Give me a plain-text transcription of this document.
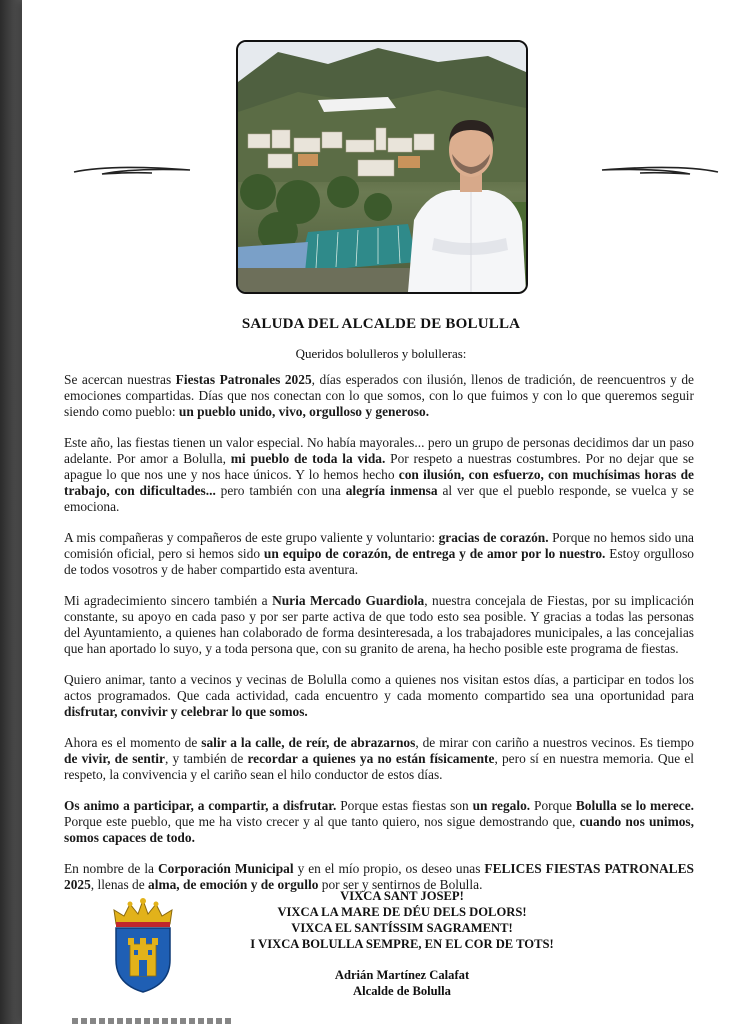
SALUDA DEL ALCALDE DE BOLULLA
Queridos bolulleros y bolulleras:

Se acercan nuestras Fiestas Patronales 2025, días esperados con ilusión, llenos de tradición, de reencuentros y de emociones compartidas. Días que nos conectan con lo que somos, con lo que fuimos y con lo que queremos seguir siendo como pueblo: un pueblo unido, vivo, orgulloso y generoso.

Este año, las fiestas tienen un valor especial. No había mayorales... pero un grupo de personas decidimos dar un paso adelante. Por amor a Bolulla, mi pueblo de toda la vida. Por respeto a nuestras costumbres. Por no dejar que se apague lo que nos une y nos hace únicos. Y lo hemos hecho con ilusión, con esfuerzo, con muchísimas horas de trabajo, con dificultades... pero también con una alegría inmensa al ver que el pueblo responde, se vuelca y se emociona.

A mis compañeras y compañeros de este grupo valiente y voluntario: gracias de corazón. Porque no hemos sido una comisión oficial, pero si hemos sido un equipo de corazón, de entrega y de amor por lo nuestro. Estoy orgulloso de todos vosotros y de haber compartido esta aventura.

Mi agradecimiento sincero también a Nuria Mercado Guardiola, nuestra concejala de Fiestas, por su implicación constante, su apoyo en cada paso y por ser parte activa de que todo esto sea posible. Y gracias a todas las personas del Ayuntamiento, a quienes han colaborado de forma desinteresada, a los trabajadores municipales, a las concejalias que han aportado lo suyo, y a toda persona que, con su granito de arena, ha hecho posible este programa de fiestas.

Quiero animar, tanto a vecinos y vecinas de Bolulla como a quienes nos visitan estos días, a participar en todos los actos programados. Que cada actividad, cada encuentro y cada momento compartido sea una oportunidad para disfrutar, convivir y celebrar lo que somos.

Ahora es el momento de salir a la calle, de reír, de abrazarnos, de mirar con cariño a nuestros vecinos. Es tiempo de vivir, de sentir, y también de recordar a quienes ya no están físicamente, pero sí en nuestra memoria. Que el respeto, la convivencia y el cariño sean el hilo conductor de estos días.

Os animo a participar, a compartir, a disfrutar. Porque estas fiestas son un regalo. Porque Bolulla se lo merece. Porque este pueblo, que me ha visto crecer y al que tanto quiero, nos sigue demostrando que, cuando nos unimos, somos capaces de todo.

En nombre de la Corporación Municipal y en el mío propio, os deseo unas FELICES FIESTAS PATRONALES 2025, llenas de alma, de emoción y de orgullo por ser y sentirnos de Bolulla.

VIXCA SANT JOSEP!
VIXCA LA MARE DE DÉU DELS DOLORS!
VIXCA EL SANTÍSSIM SAGRAMENT!
I VIXCA BOLULLA SEMPRE, EN EL COR DE TOTS!
Adrián Martínez Calafat
Alcalde de Bolulla
